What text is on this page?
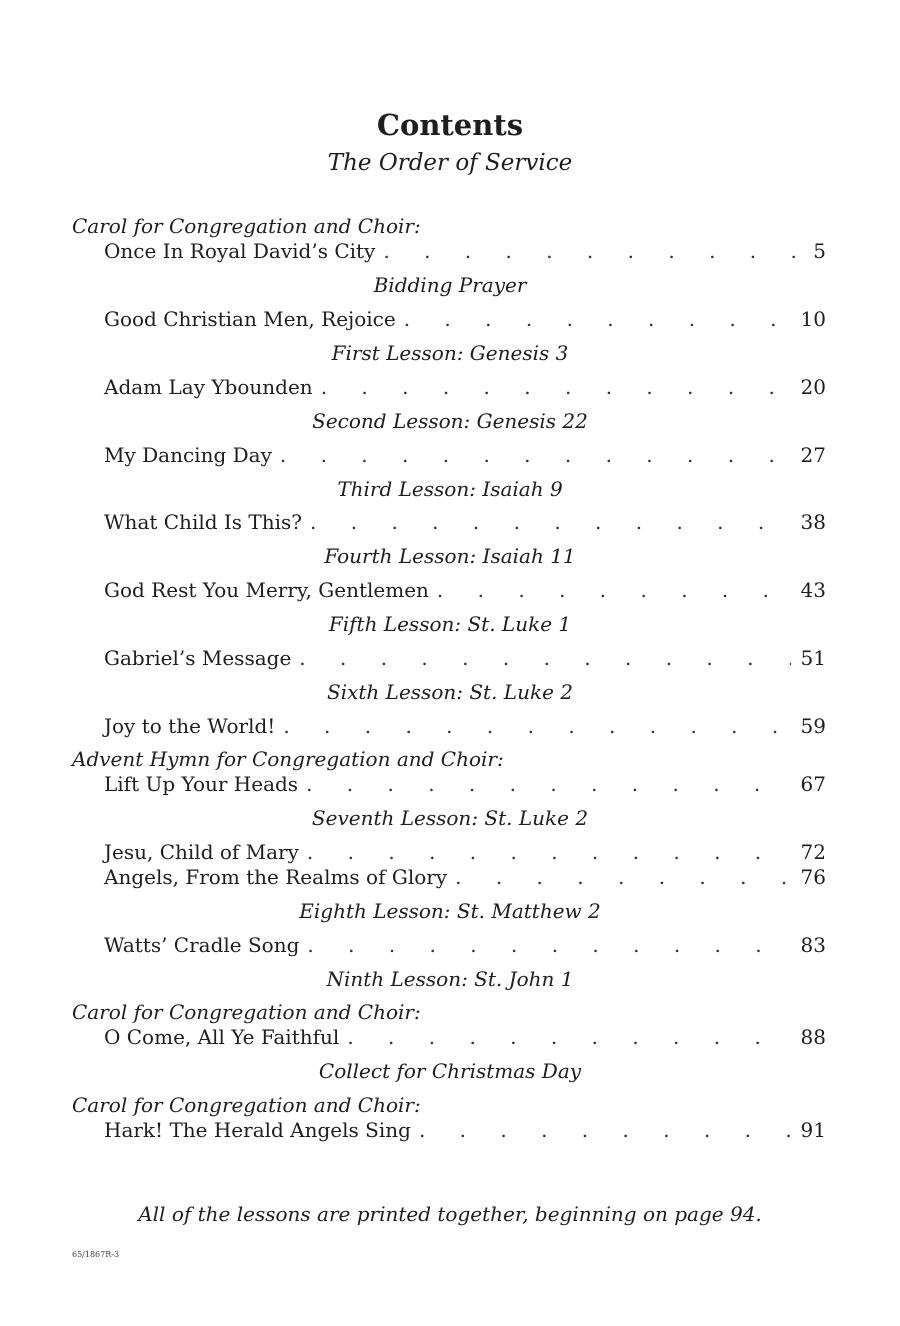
Contents
The Order of Service
Carol for Congregation and Choir:
Once In Royal David’s City . . .	5
Bidding Prayer
Good Christian Men, Rejoice . . .	10
First Lesson: Genesis 3
Adam Lay Ybounden . . .	20
Second Lesson: Genesis 22
My Dancing Day . . .	27
Third Lesson: Isaiah 9
What Child Is This? . . .	38
Fourth Lesson: Isaiah 11
God Rest You Merry, Gentlemen . . .	43
Fifth Lesson: St. Luke 1
Gabriel’s Message . . .	51
Sixth Lesson: St. Luke 2
Joy to the World! . . .	59
Advent Hymn for Congregation and Choir:
Lift Up Your Heads . . .	67
Seventh Lesson: St. Luke 2
Jesu, Child of Mary . . .	72
Angels, From the Realms of Glory . . .	76
Eighth Lesson: St. Matthew 2
Watts’ Cradle Song . . .	83
Ninth Lesson: St. John 1
Carol for Congregation and Choir:
O Come, All Ye Faithful . . .	88
Collect for Christmas Day
Carol for Congregation and Choir:
Hark! The Herald Angels Sing . . .	91
All of the lessons are printed together, beginning on page 94.
65/1867R-3
